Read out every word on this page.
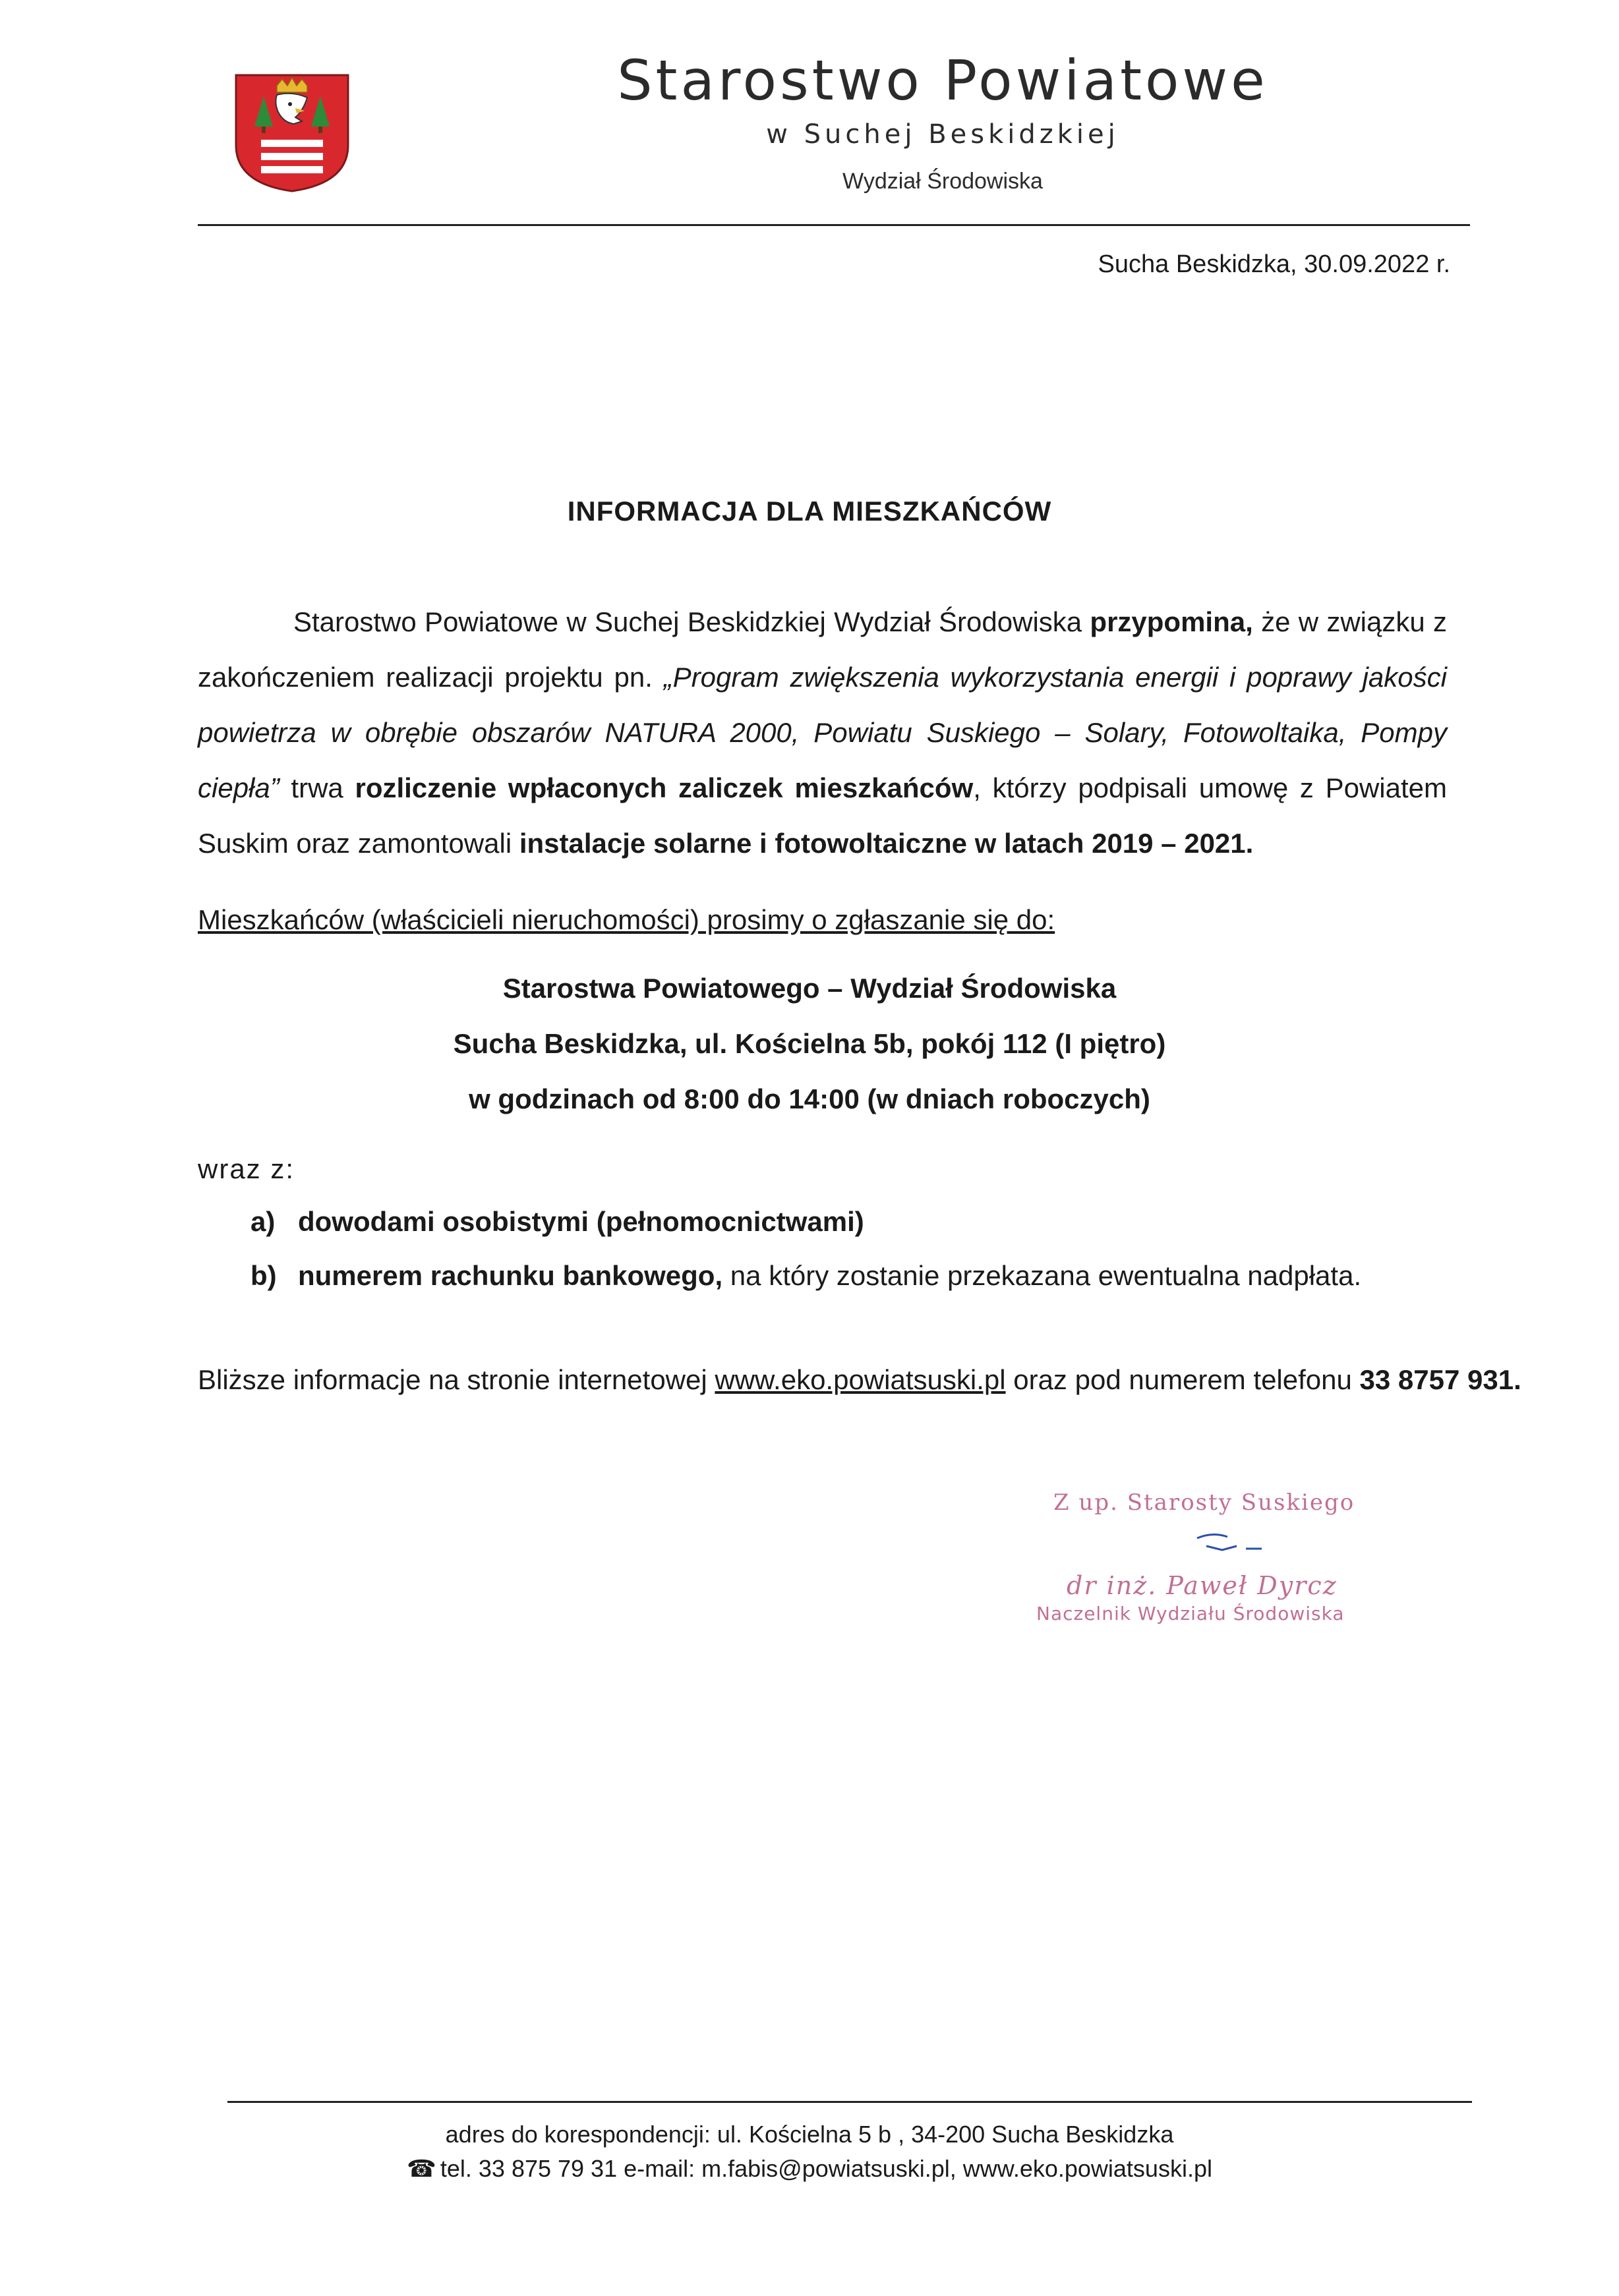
Starostwo Powiatowe
w Suchej Beskidzkiej
Wydział Środowiska
Sucha Beskidzka, 30.09.2022 r.
INFORMACJA DLA MIESZKAŃCÓW
Starostwo Powiatowe w Suchej Beskidzkiej Wydział Środowiska przypomina, że w związku z zakończeniem realizacji projektu pn. „Program zwiększenia wykorzystania energii i poprawy jakości powietrza w obrębie obszarów NATURA 2000, Powiatu Suskiego – Solary, Fotowoltaika, Pompy ciepła” trwa rozliczenie wpłaconych zaliczek mieszkańców, którzy podpisali umowę z Powiatem Suskim oraz zamontowali instalacje solarne i fotowoltaiczne w latach 2019 – 2021.
Mieszkańców (właścicieli nieruchomości) prosimy o zgłaszanie się do:
Starostwa Powiatowego – Wydział Środowiska
Sucha Beskidzka, ul. Kościelna 5b, pokój 112 (I piętro)
w godzinach od 8:00 do 14:00 (w dniach roboczych)
wraz z:
a) dowodami osobistymi (pełnomocnictwami)
b) numerem rachunku bankowego, na który zostanie przekazana ewentualna nadpłata.
Bliższe informacje na stronie internetowej www.eko.powiatsuski.pl oraz pod numerem telefonu 33 8757 931.
Z up. Starosty Suskiego
dr inż. Paweł Dyrcz
Naczelnik Wydziału Środowiska
adres do korespondencji: ul. Kościelna 5 b , 34-200 Sucha Beskidzka
☎ tel. 33 875 79 31 e-mail: m.fabis@powiatsuski.pl, www.eko.powiatsuski.pl
